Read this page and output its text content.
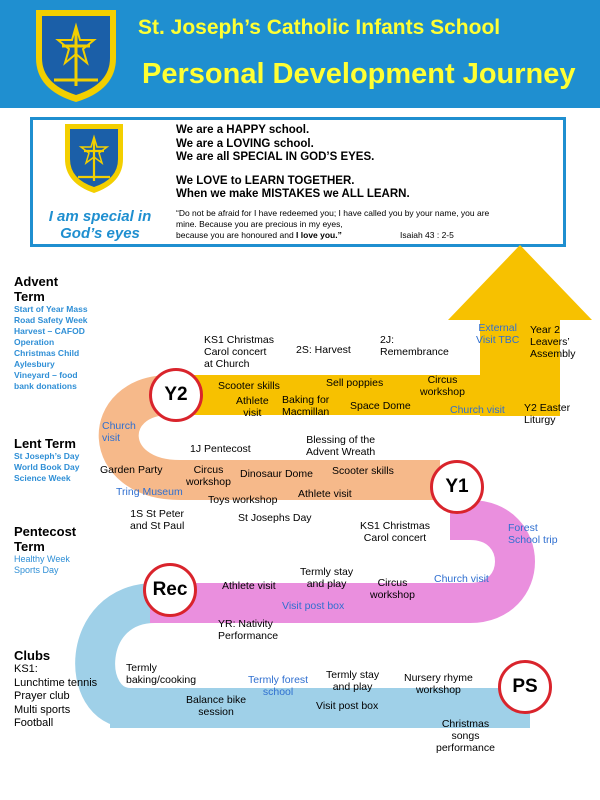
St. Joseph’s Catholic Infants School
Personal Development Journey
I am special in
God’s eyes
We are a HAPPY school.
We are a LOVING school.
We are all SPECIAL IN GOD’S EYES.
We LOVE to LEARN TOGETHER.
When we make MISTAKES we ALL LEARN.
“Do not be afraid for I have redeemed you; I have called you by your name, you are
mine. Because you are precious in my eyes,
because you are honoured and I love you.”	Isaiah 43 : 2-5
Y2
Y1
Rec
PS
Advent
Term
Start of Year Mass
Road Safety Week
Harvest – CAFOD
Operation
Christmas Child
Aylesbury
Vineyard – food
bank donations
Lent Term
St Joseph’s Day
World Book Day
Science Week
Pentecost
Term
Healthy Week
Sports Day
Clubs
KS1:
Lunchtime tennis
Prayer club
Multi sports
Football
KS1 Christmas
Carol concert
at Church
2S: Harvest
2J:
Remembrance
External
Visit TBC
Year 2
Leavers’
Assembly
Scooter skills
Athlete
visit
Sell poppies	Circus
workshop
Baking for
Macmillan Space Dome	Church visit Y2 Easter
Liturgy
Church
visit
1J Pentecost
Blessing of the
Advent Wreath
Garden Party	Circus
workshop
Dinosaur Dome Scooter skills
Tring Museum
Toys workshop Athlete visit
1S St Peter
and St Paul
St Josephs Day
KS1 Christmas
Carol concert
Forest
School trip
Athlete visit
Termly stay
and play	Circus
workshop
Church visit
Visit post box
YR: Nativity
Performance
Termly
baking/cooking	Termly forest
school
Termly stay
and play
Nursery rhyme
workshop
Balance bike
session	Visit post box
Christmas
songs
performance
